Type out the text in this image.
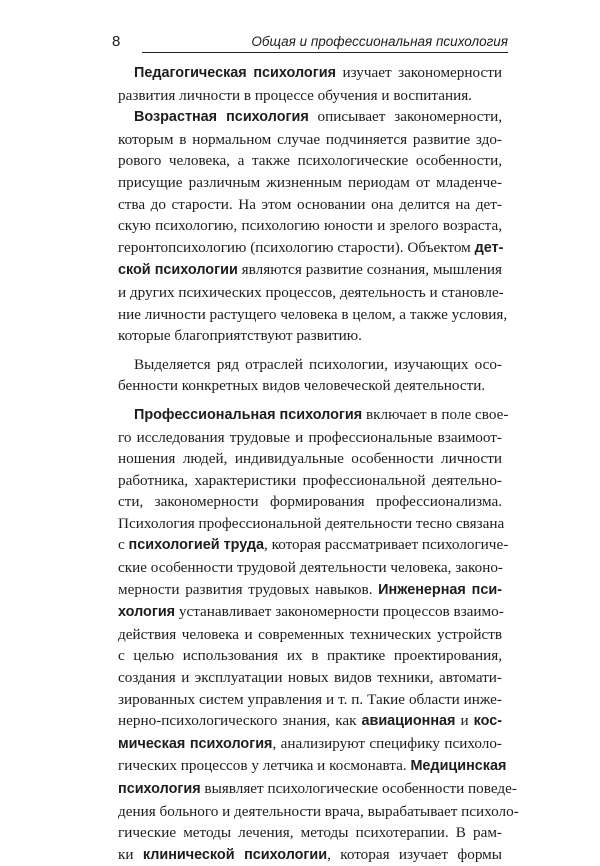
8	Общая и профессиональная психология
Педагогическая психология изучает закономерности
развития личности в процессе обучения и воспитания.
Возрастная психология описывает закономерности,
которым в нормальном случае подчиняется развитие здо-
рового человека, а также психологические особенности,
присущие различным жизненным периодам от младенче-
ства до старости. На этом основании она делится на дет-
скую психологию, психологию юности и зрелого возраста,
геронтопсихологию (психологию старости). Объектом дет-
ской психологии являются развитие сознания, мышления
и других психических процессов, деятельность и становле-
ние личности растущего человека в целом, а также условия,
которые благоприятствуют развитию.
Выделяется ряд отраслей психологии, изучающих осо-
бенности конкретных видов человеческой деятельности.
Профессиональная психология включает в поле свое-
го исследования трудовые и профессиональные взаимоот-
ношения людей, индивидуальные особенности личности
работника, характеристики профессиональной деятельно-
сти, закономерности формирования профессионализма.
Психология профессиональной деятельности тесно связана
с психологией труда, которая рассматривает психологиче-
ские особенности трудовой деятельности человека, законо-
мерности развития трудовых навыков. Инженерная пси-
хология устанавливает закономерности процессов взаимо-
действия человека и современных технических устройств
с целью использования их в практике проектирования,
создания и эксплуатации новых видов техники, автомати-
зированных систем управления и т. п. Такие области инже-
нерно-психологического знания, как авиационная и кос-
мическая психология, анализируют специфику психоло-
гических процессов у летчика и космонавта. Медицинская
психология выявляет психологические особенности поведе-
дения больного и деятельности врача, вырабатывает психоло-
гические методы лечения, методы психотерапии. В рам-
ки клинической психологии, которая изучает формы
